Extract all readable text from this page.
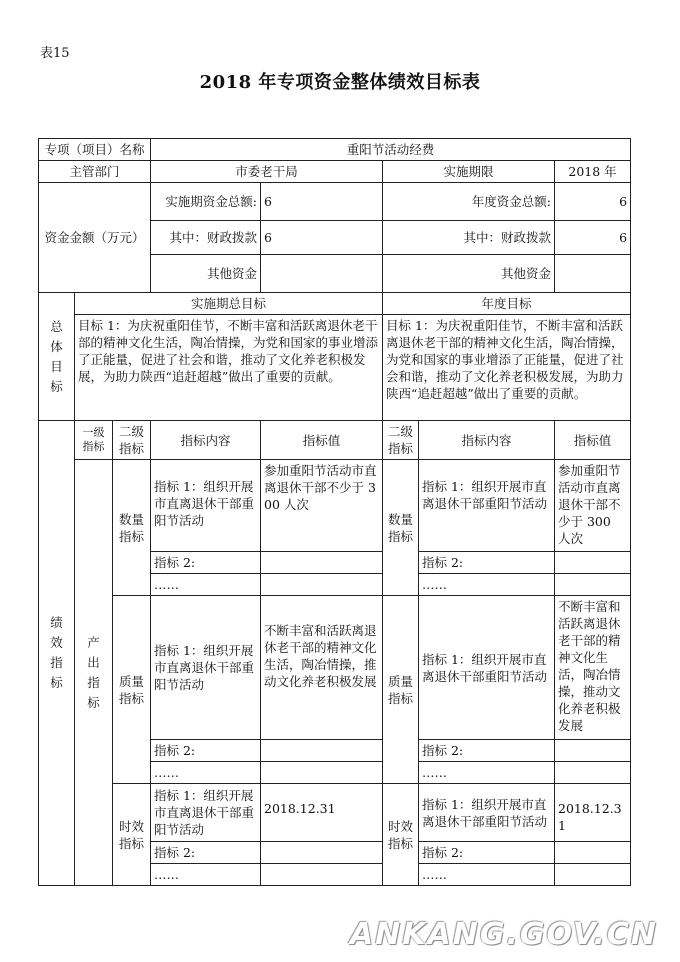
表15
2018 年专项资金整体绩效目标表
专项（项目）名称			重阳节活动经费				
主管部门			市委老干局		实施期限		2018 年
资金金额（万元）			实施期资金总额:	6	年度资金总额:		6
			其中：财政拨款	6	其中：财政拨款		6
			其他资金		其他资金		
总体目标	实施期总目标				年度目标		
	目标 1：为庆祝重阳佳节，不断丰富和活跃离退休老干部的精神文化生活，陶冶情操，为党和国家的事业增添了正能量，促进了社会和谐，推动了文化养老积极发展，为助力陕西“追赶超越”做出了重要的贡献。				目标 1：为庆祝重阳佳节，不断丰富和活跃离退休老干部的精神文化生活，陶冶情操，为党和国家的事业增添了正能量，促进了社会和谐，推动了文化养老积极发展，为助力陕西“追赶超越”做出了重要的贡献。		
绩效指标	一级指标	二级指标	指标内容	指标值	二级指标	指标内容	指标值
	产出指标	数量指标	指标 1：组织开展市直离退休干部重阳节活动	参加重阳节活动市直离退休干部不少于 300 人次	数量指标	指标 1：组织开展市直离退休干部重阳节活动	参加重阳节活动市直离退休干部不少于 300 人次
			指标 2:			指标 2:	
			……			……	
		质量指标	指标 1：组织开展市直离退休干部重阳节活动	不断丰富和活跃离退休老干部的精神文化生活，陶冶情操，推动文化养老积极发展	质量指标	指标 1：组织开展市直离退休干部重阳节活动	不断丰富和活跃离退休老干部的精神文化生活，陶冶情操，推动文化养老积极发展
			指标 2:			指标 2:	
			……			……	
		时效指标	指标 1：组织开展市直离退休干部重阳节活动	2018.12.31	时效指标	指标 1：组织开展市直离退休干部重阳节活动	2018.12.31
			指标 2:			指标 2:	
			……			……	
ANKANG.GOV.CN
